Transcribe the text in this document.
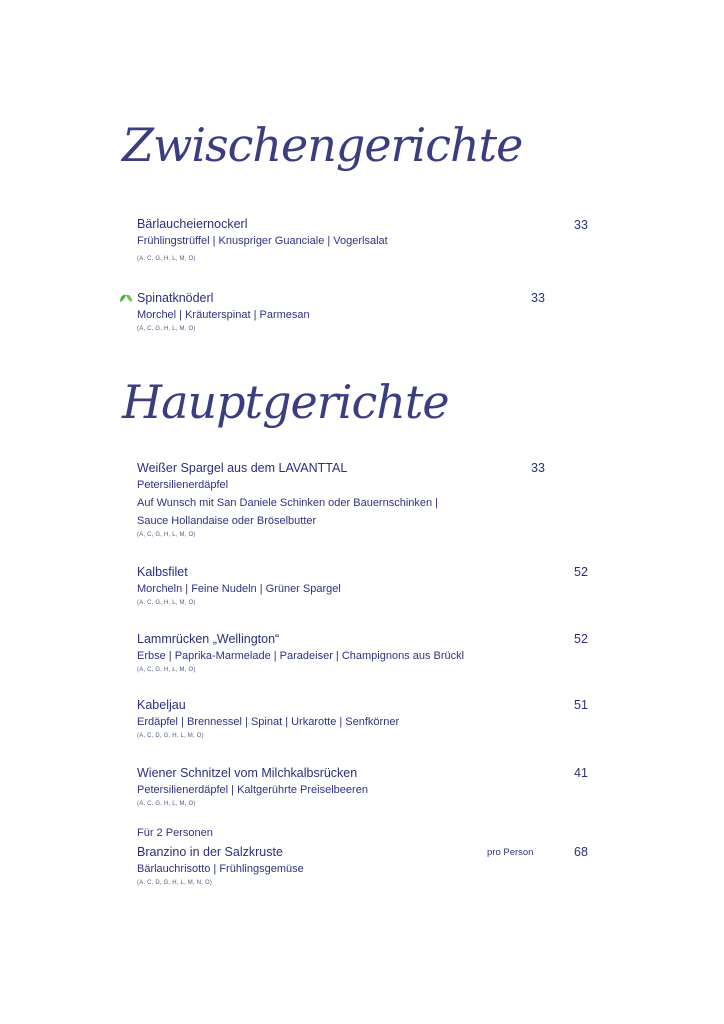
Zwischengerichte
Bärlaucheiernockerl
Frühlingstrüffel | Knuspriger Guanciale | Vogerlsalat
(A, C, G, H, L, M, O)
33
Spinatknöderl
Morchel | Kräuterspinat | Parmesan
(A, C, G, H, L, M, O)
33
Hauptgerichte
Weißer Spargel aus dem LAVANTTAL
Petersilienerdäpfel
Auf Wunsch mit San Daniele Schinken oder Bauernschinken |
Sauce Hollandaise oder Bröselbutter
(A, C, G, H, L, M, O)
33
Kalbsfilet
Morcheln | Feine Nudeln | Grüner Spargel
(A, C, G, H, L, M, O)
52
Lammrücken „Wellington“
Erbse | Paprika-Marmelade | Paradeiser | Champignons aus Brückl
(A, C, G, H, L, M, O)
52
Kabeljau
Erdäpfel | Brennessel | Spinat | Urkarotte | Senfkörner
(A, C, D, G, H, L, M, O)
51
Wiener Schnitzel vom Milchkalbsrücken
Petersilienerdäpfel | Kaltgerührte Preiselbeeren
(A, C, G, H, L, M, O)
41
Für 2 Personen
Branzino in der Salzkruste
Bärlauchrisotto | Frühlingsgemüse
(A, C, D, G, H, L, M, N, O)
pro Person	68
